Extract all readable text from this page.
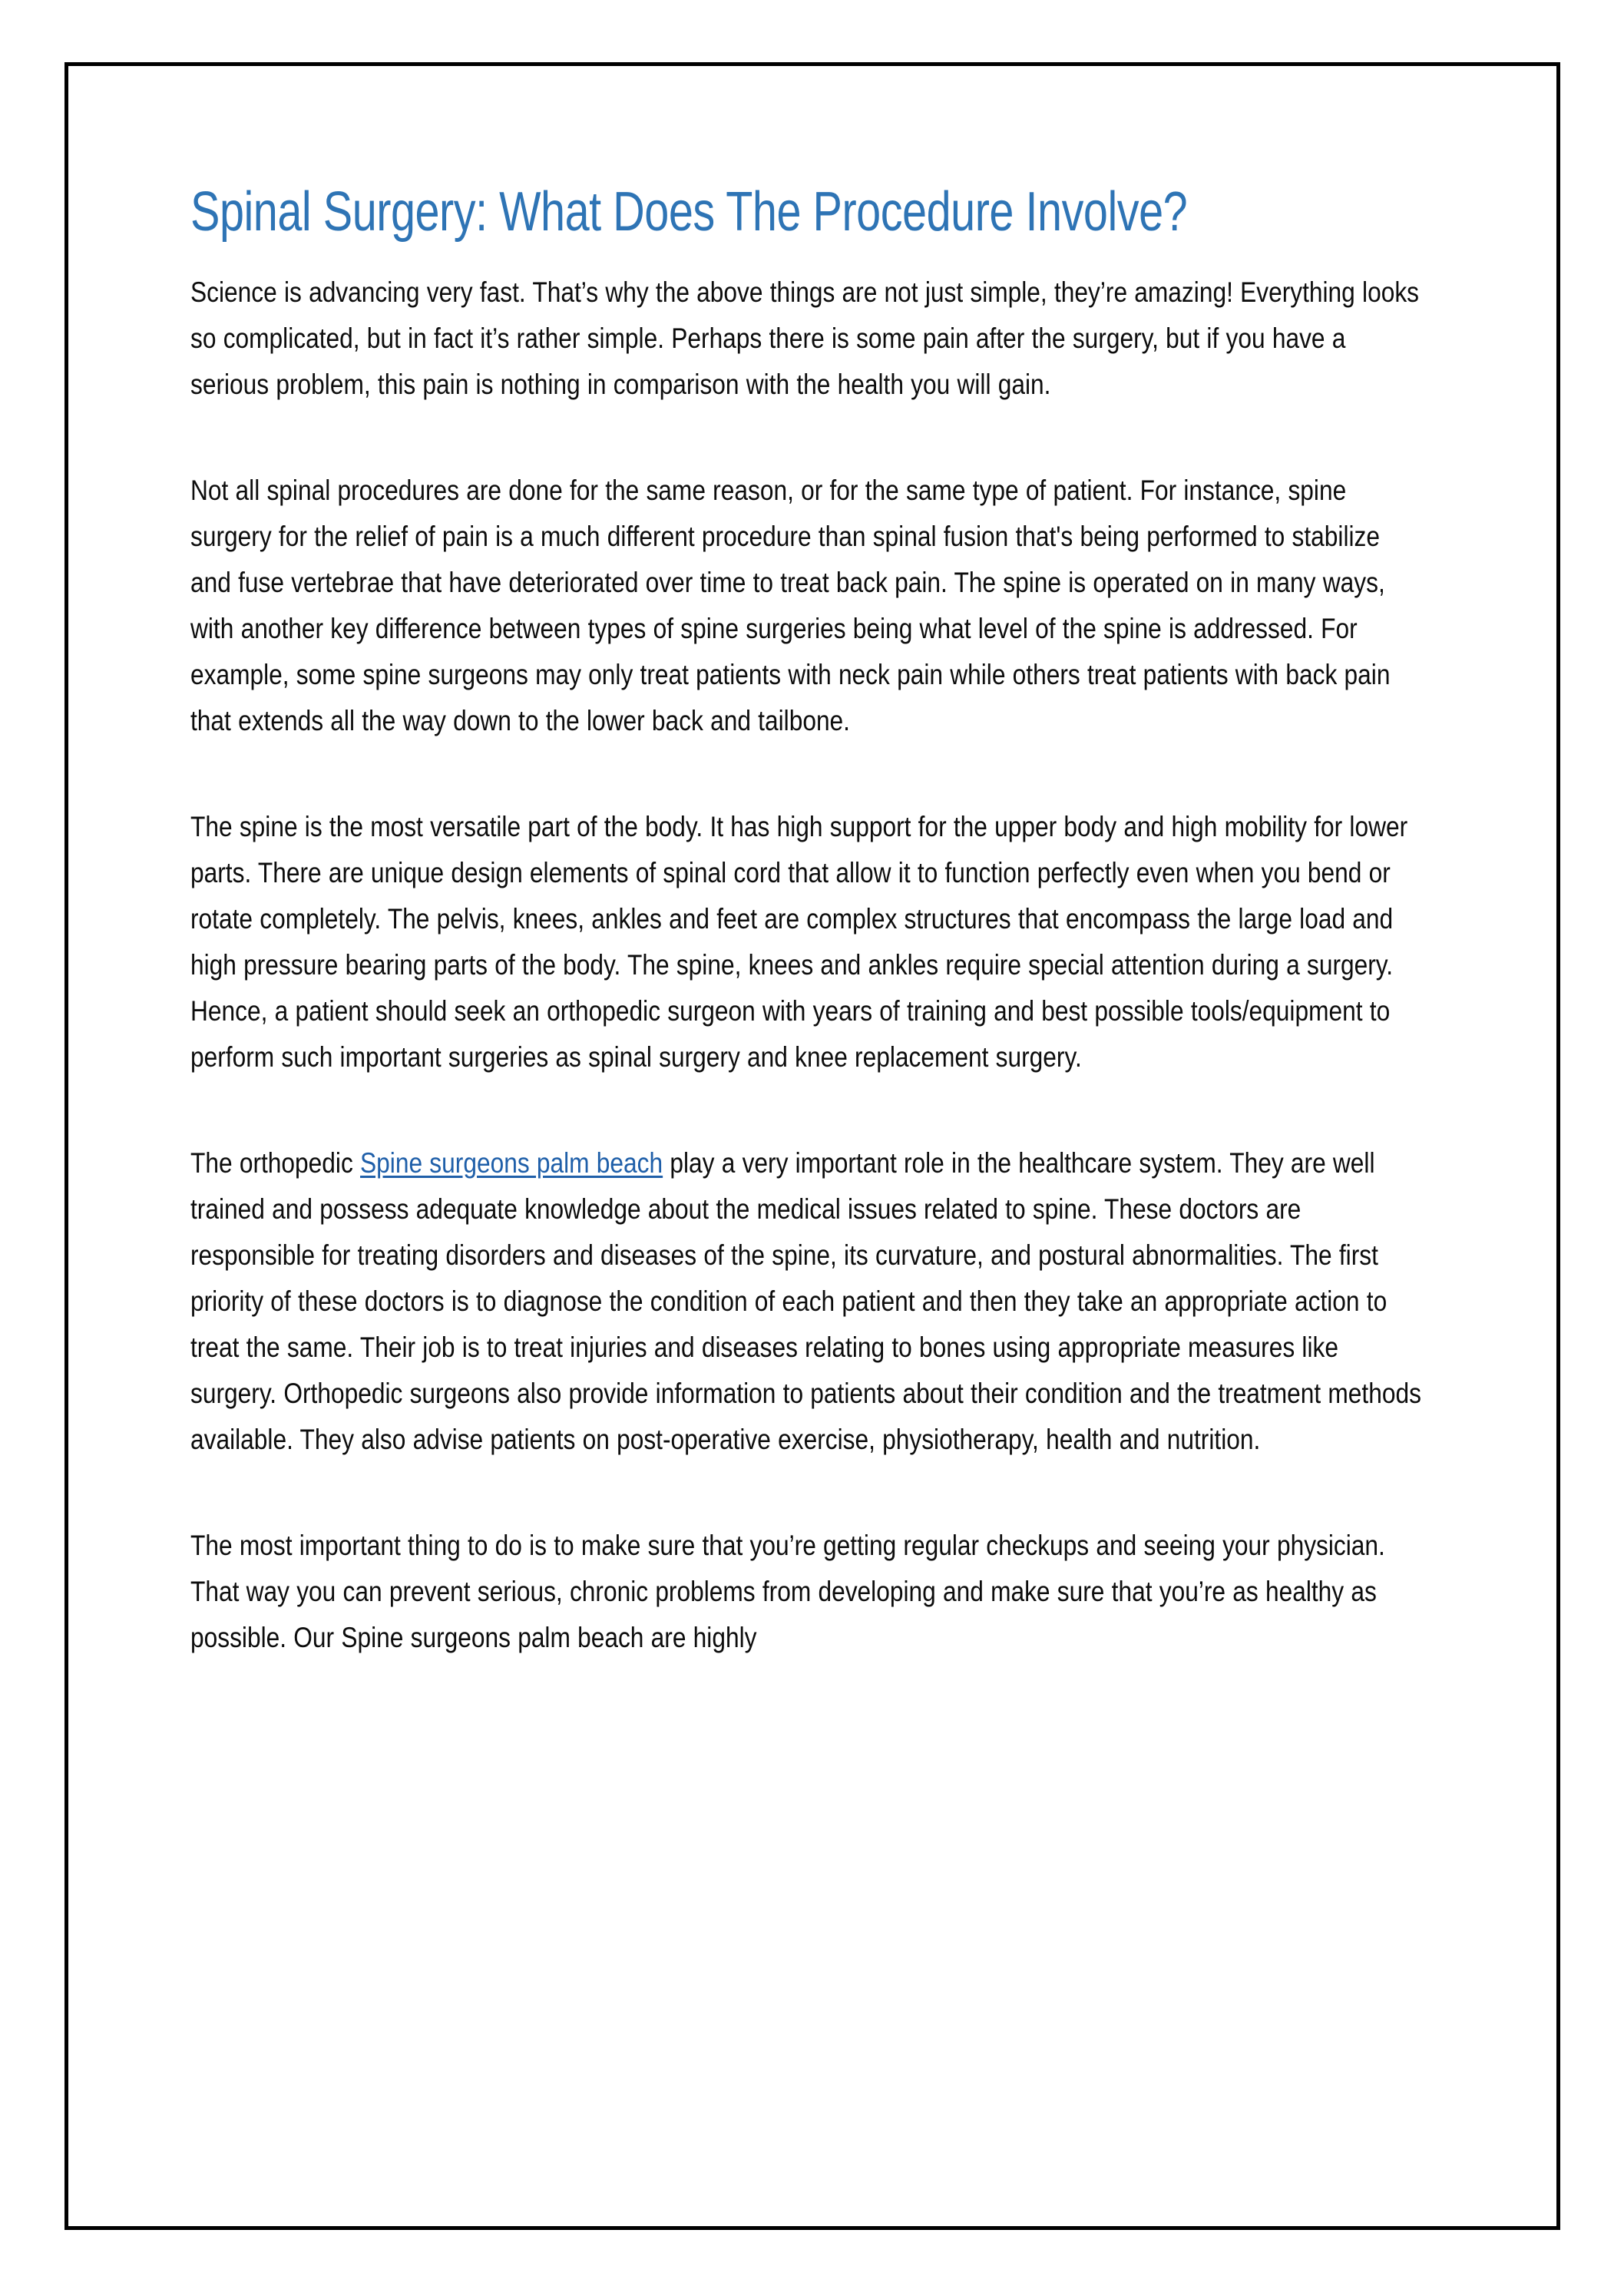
Spinal Surgery: What Does The Procedure Involve?

Science is advancing very fast. That’s why the above things are not just simple, they’re amazing! Everything looks so complicated, but in fact it’s rather simple. Perhaps there is some pain after the surgery, but if you have a serious problem, this pain is nothing in comparison with the health you will gain.

Not all spinal procedures are done for the same reason, or for the same type of patient. For instance, spine surgery for the relief of pain is a much different procedure than spinal fusion that's being performed to stabilize and fuse vertebrae that have deteriorated over time to treat back pain. The spine is operated on in many ways, with another key difference between types of spine surgeries being what level of the spine is addressed. For example, some spine surgeons may only treat patients with neck pain while others treat patients with back pain that extends all the way down to the lower back and tailbone.

The spine is the most versatile part of the body. It has high support for the upper body and high mobility for lower parts. There are unique design elements of spinal cord that allow it to function perfectly even when you bend or rotate completely. The pelvis, knees, ankles and feet are complex structures that encompass the large load and high pressure bearing parts of the body. The spine, knees and ankles require special attention during a surgery. Hence, a patient should seek an orthopedic surgeon with years of training and best possible tools/equipment to perform such important surgeries as spinal surgery and knee replacement surgery.

The orthopedic Spine surgeons palm beach play a very important role in the healthcare system. They are well trained and possess adequate knowledge about the medical issues related to spine. These doctors are responsible for treating disorders and diseases of the spine, its curvature, and postural abnormalities. The first priority of these doctors is to diagnose the condition of each patient and then they take an appropriate action to treat the same. Their job is to treat injuries and diseases relating to bones using appropriate measures like surgery. Orthopedic surgeons also provide information to patients about their condition and the treatment methods available. They also advise patients on post-operative exercise, physiotherapy, health and nutrition.

The most important thing to do is to make sure that you’re getting regular checkups and seeing your physician. That way you can prevent serious, chronic problems from developing and make sure that you’re as healthy as possible. Our Spine surgeons palm beach are highly
